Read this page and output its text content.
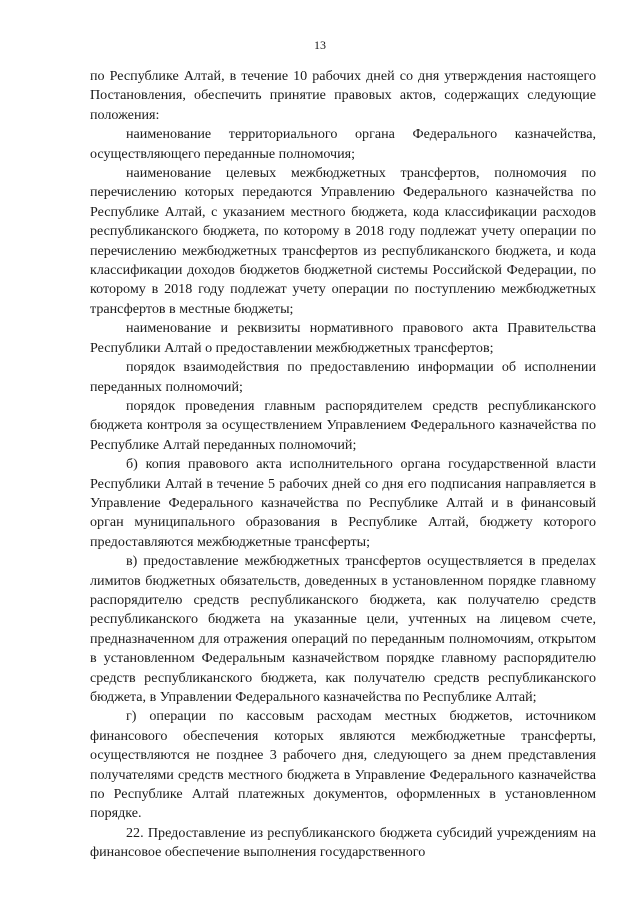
13

по Республике Алтай, в течение 10 рабочих дней со дня утверждения настоящего Постановления, обеспечить принятие правовых актов, содержащих следующие положения:

наименование территориального органа Федерального казначейства, осуществляющего переданные полномочия;

наименование целевых межбюджетных трансфертов, полномочия по перечислению которых передаются Управлению Федерального казначейства по Республике Алтай, с указанием местного бюджета, кода классификации расходов республиканского бюджета, по которому в 2018 году подлежат учету операции по перечислению межбюджетных трансфертов из республиканского бюджета, и кода классификации доходов бюджетов бюджетной системы Российской Федерации, по которому в 2018 году подлежат учету операции по поступлению межбюджетных трансфертов в местные бюджеты;

наименование и реквизиты нормативного правового акта Правительства Республики Алтай о предоставлении межбюджетных трансфертов;

порядок взаимодействия по предоставлению информации об исполнении переданных полномочий;

порядок проведения главным распорядителем средств республиканского бюджета контроля за осуществлением Управлением Федерального казначейства по Республике Алтай переданных полномочий;

б) копия правового акта исполнительного органа государственной власти Республики Алтай в течение 5 рабочих дней со дня его подписания направляется в Управление Федерального казначейства по Республике Алтай и в финансовый орган муниципального образования в Республике Алтай, бюджету которого предоставляются межбюджетные трансферты;

в) предоставление межбюджетных трансфертов осуществляется в пределах лимитов бюджетных обязательств, доведенных в установленном порядке главному распорядителю средств республиканского бюджета, как получателю средств республиканского бюджета на указанные цели, учтенных на лицевом счете, предназначенном для отражения операций по переданным полномочиям, открытом в установленном Федеральным казначейством порядке главному распорядителю средств республиканского бюджета, как получателю средств республиканского бюджета, в Управлении Федерального казначейства по Республике Алтай;

г) операции по кассовым расходам местных бюджетов, источником финансового обеспечения которых являются межбюджетные трансферты, осуществляются не позднее 3 рабочего дня, следующего за днем представления получателями средств местного бюджета в Управление Федерального казначейства по Республике Алтай платежных документов, оформленных в установленном порядке.

22. Предоставление из республиканского бюджета субсидий учреждениям на финансовое обеспечение выполнения государственного
